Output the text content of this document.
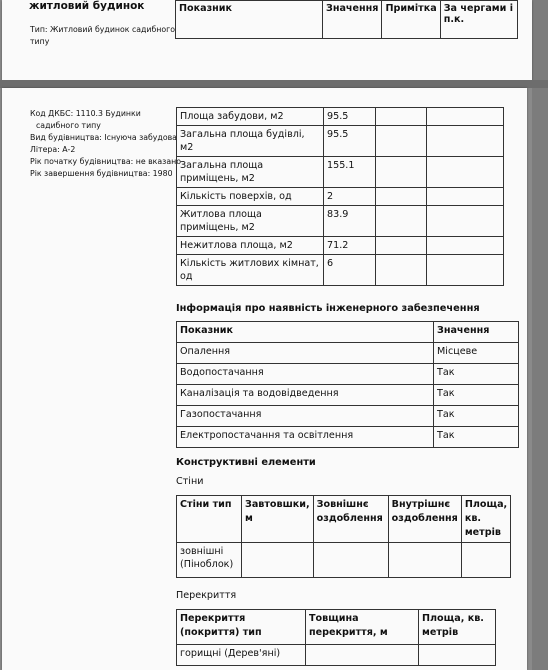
житловий будинок
Тип: Житловий будинок садибного типу
Показник	Значення	Примітка	За чергами і п.к.
Код ДКБС: 1110.3 Будинки
садибного типу
Вид будівництва: Існуюча забудова
Літера: А-2
Рік початку будівництва: не вказано
Рік завершення будівництва: 1980
Площа забудови, м2	95.5		
Загальна площа будівлі, м2	95.5		
Загальна площа приміщень, м2	155.1		
Кількість поверхів, од	2		
Житлова площа приміщень, м2	83.9		
Нежитлова площа, м2	71.2		
Кількість житлових кімнат, од	6		
Інформація про наявність інженерного забезпечення
Показник	Значення
Опалення	Місцеве
Водопостачання	Так
Каналізація та водовідведення	Так
Газопостачання	Так
Електропостачання та освітлення	Так
Конструктивні елементи
Стіни
Стіни тип	Завтовшки, м	Зовнішнє оздоблення	Внутрішнє оздоблення	Площа, кв. метрів
зовнішні (Піноблок)				
Перекриття
Перекриття (покриття) тип	Товщина перекриття, м	Площа, кв. метрів
горищні (Дерев'яні)		
